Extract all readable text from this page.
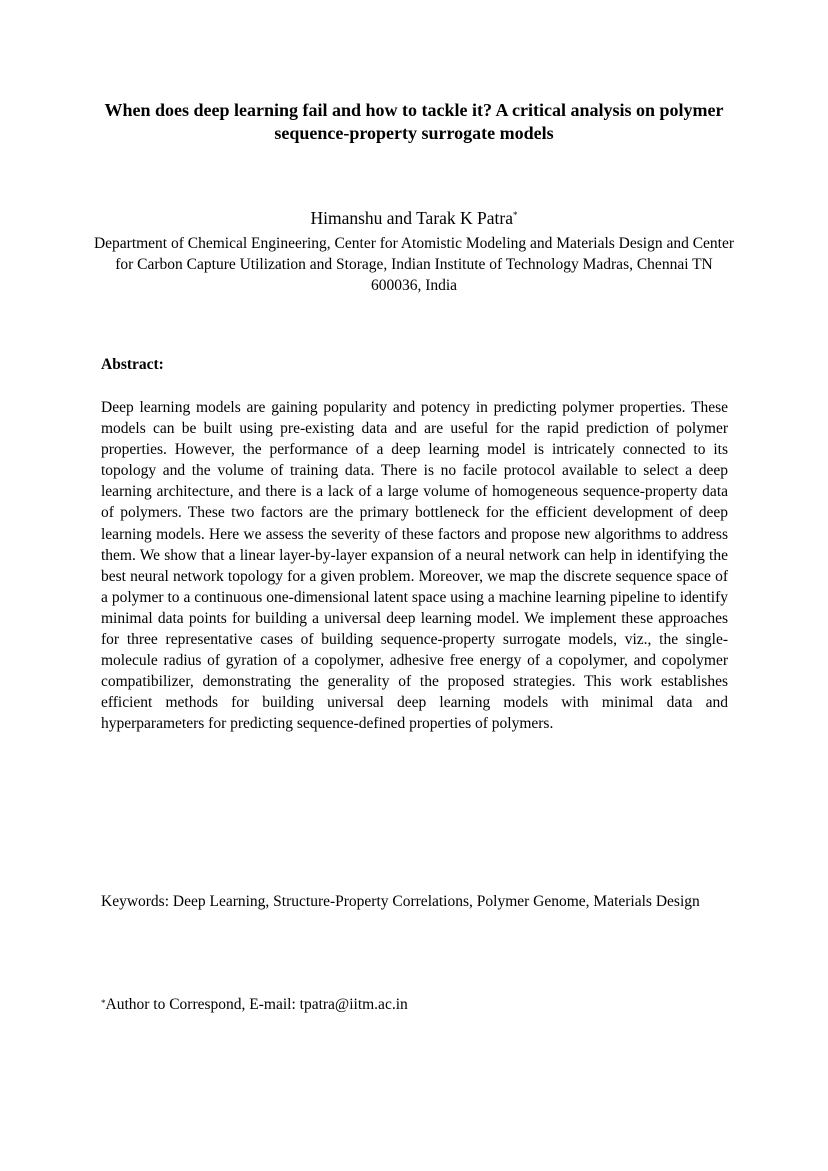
When does deep learning fail and how to tackle it? A critical analysis on polymer sequence-property surrogate models
Himanshu and Tarak K Patra*
Department of Chemical Engineering, Center for Atomistic Modeling and Materials Design and Center for Carbon Capture Utilization and Storage, Indian Institute of Technology Madras, Chennai TN 600036, India
Abstract:

Deep learning models are gaining popularity and potency in predicting polymer properties. These models can be built using pre-existing data and are useful for the rapid prediction of polymer properties. However, the performance of a deep learning model is intricately connected to its topology and the volume of training data. There is no facile protocol available to select a deep learning architecture, and there is a lack of a large volume of homogeneous sequence-property data of polymers. These two factors are the primary bottleneck for the efficient development of deep learning models. Here we assess the severity of these factors and propose new algorithms to address them. We show that a linear layer-by-layer expansion of a neural network can help in identifying the best neural network topology for a given problem. Moreover, we map the discrete sequence space of a polymer to a continuous one-dimensional latent space using a machine learning pipeline to identify minimal data points for building a universal deep learning model. We implement these approaches for three representative cases of building sequence-property surrogate models, viz., the single-molecule radius of gyration of a copolymer, adhesive free energy of a copolymer, and copolymer compatibilizer, demonstrating the generality of the proposed strategies. This work establishes efficient methods for building universal deep learning models with minimal data and hyperparameters for predicting sequence-defined properties of polymers.

Keywords: Deep Learning, Structure-Property Correlations, Polymer Genome, Materials Design

*Author to Correspond, E-mail: tpatra@iitm.ac.in
